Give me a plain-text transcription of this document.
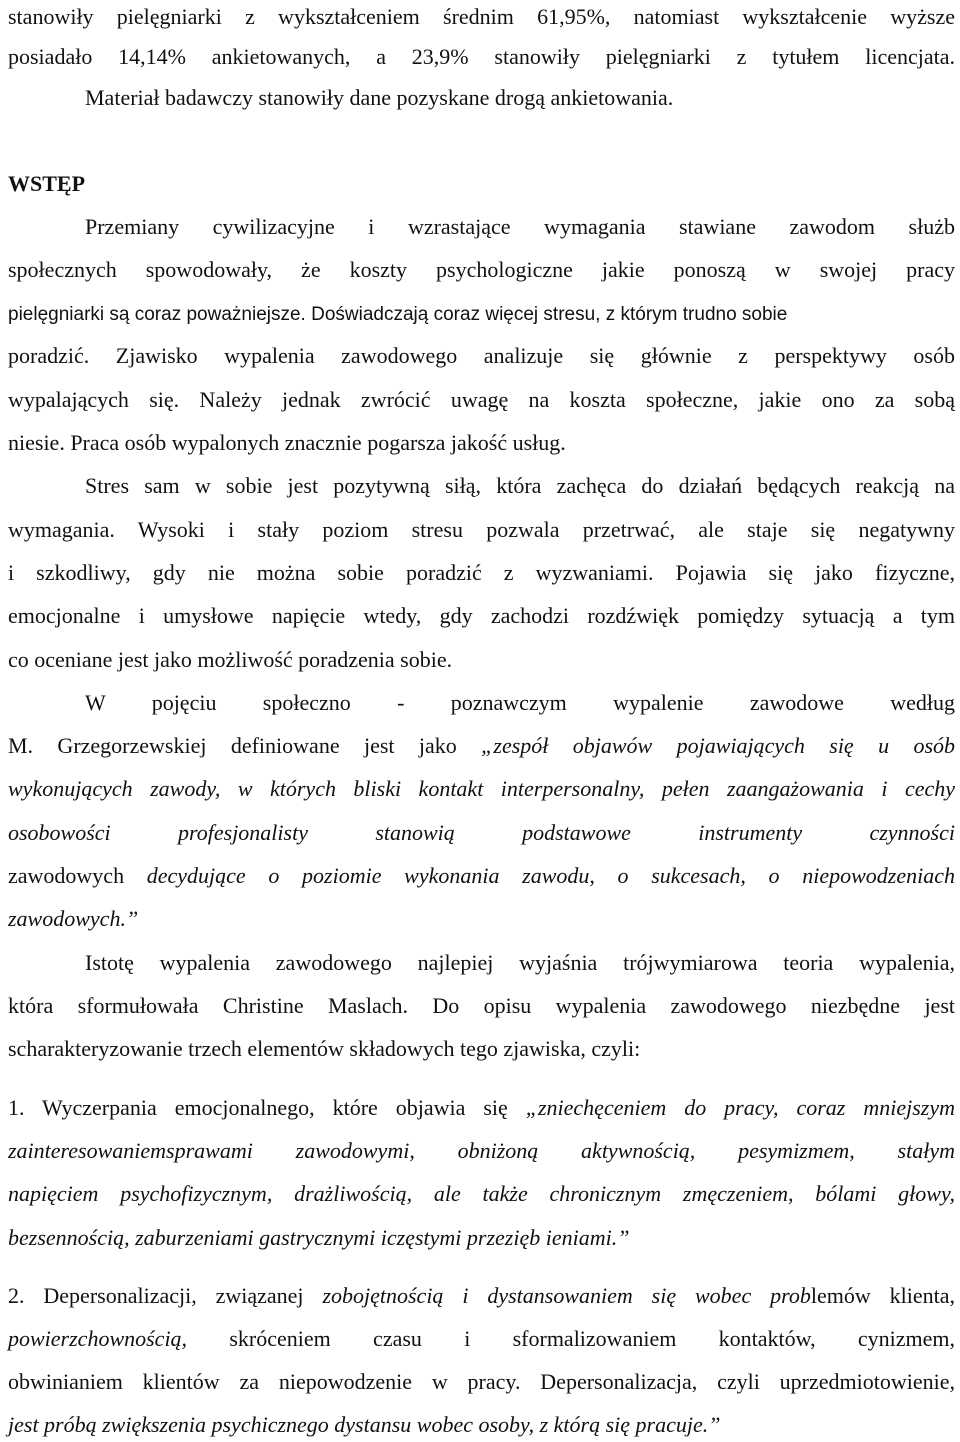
stanowiły pielęgniarki z wykształceniem średnim 61,95%, natomiast wykształcenie wyższe
posiadało 14,14% ankietowanych, a 23,9% stanowiły pielęgniarki z tytułem licencjata.
Materiał badawczy stanowiły dane pozyskane drogą ankietowania.
WSTĘP
Przemiany cywilizacyjne i wzrastające wymagania stawiane zawodom służb
społecznych spowodowały, że koszty psychologiczne jakie ponoszą w swojej pracy
pielęgniarki są coraz poważniejsze. Doświadczają coraz więcej stresu, z którym trudno sobie
poradzić. Zjawisko wypalenia zawodowego analizuje się głównie z perspektywy osób
wypalających się. Należy jednak zwrócić uwagę na koszta społeczne, jakie ono za sobą
niesie. Praca osób wypalonych znacznie pogarsza jakość usług.
Stres sam w sobie jest pozytywną siłą, która zachęca do działań będących reakcją na
wymagania. Wysoki i stały poziom stresu pozwala przetrwać, ale staje się negatywny
i szkodliwy, gdy nie można sobie poradzić z wyzwaniami. Pojawia się jako fizyczne,
emocjonalne i umysłowe napięcie wtedy, gdy zachodzi rozdźwięk pomiędzy sytuacją a tym
co oceniane jest jako możliwość poradzenia sobie.
W pojęciu społeczno - poznawczym wypalenie zawodowe według
M. Grzegorzewskiej definiowane jest jako „zespół objawów pojawiających się u osób
wykonujących zawody, w których bliski kontakt interpersonalny, pełen zaangażowania i cechy
osobowości profesjonalisty stanowią podstawowe instrumenty czynności
zawodowych decydujące o poziomie wykonania zawodu, o sukcesach, o niepowodzeniach
zawodowych.”
Istotę wypalenia zawodowego najlepiej wyjaśnia trójwymiarowa teoria wypalenia,
która sformułowała Christine Maslach. Do opisu wypalenia zawodowego niezbędne jest
scharakteryzowanie trzech elementów składowych tego zjawiska, czyli:
1. Wyczerpania emocjonalnego, które objawia się „zniechęceniem do pracy, coraz mniejszym
zainteresowaniemsprawami zawodowymi, obniżoną aktywnością, pesymizmem, stałym
napięciem psychofizycznym, drażliwością, ale także chronicznym zmęczeniem, bólami głowy,
bezsennością, zaburzeniami gastrycznymi iczęstymi przezięb ieniami.”
2. Depersonalizacji, związanej zobojętnością i dystansowaniem się wobec problemów klienta,
powierzchownością, skróceniem czasu i sformalizowaniem kontaktów, cynizmem,
obwinianiem klientów za niepowodzenie w pracy. Depersonalizacja, czyli uprzedmiotowienie,
jest próbą zwiększenia psychicznego dystansu wobec osoby, z którą się pracuje.”
